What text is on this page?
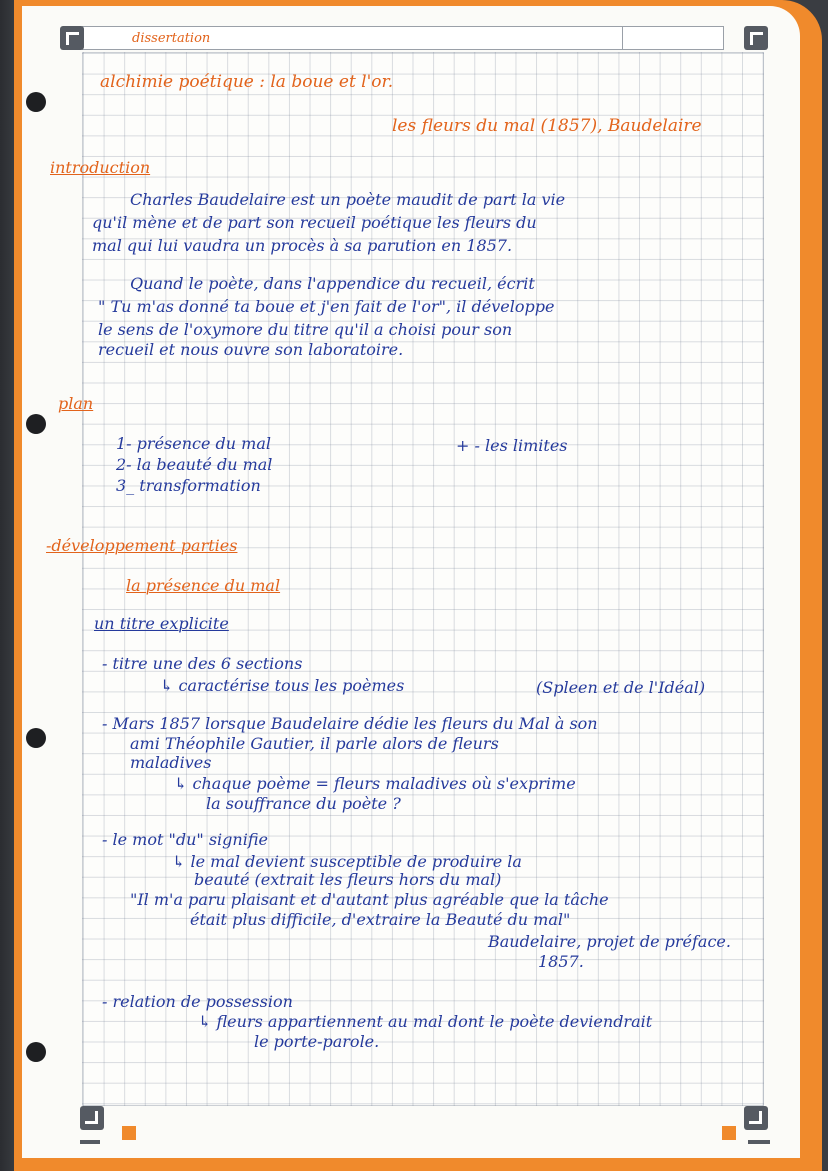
dissertation
alchimie poétique : la boue et l'or.
les fleurs du mal (1857), Baudelaire
introduction
Charles Baudelaire est un poète maudit de part la vie
qu'il mène et de part son recueil poétique les fleurs du
mal qui lui vaudra un procès à sa parution en 1857.
Quand le poète, dans l'appendice du recueil, écrit
" Tu m'as donné ta boue et j'en fait de l'or", il développe
le sens de l'oxymore du titre qu'il a choisi pour son
recueil et nous ouvre son laboratoire.
plan
1- présence du mal
2- la beauté du mal
3_ transformation
+ - les limites
-développement parties
la présence du mal
un titre explicite
- titre une des 6 sections
↳ caractérise tous les poèmes	(Spleen et de l'Idéal)
- Mars 1857 lorsque Baudelaire dédie les fleurs du Mal à son
ami Théophile Gautier, il parle alors de fleurs
maladives
↳ chaque poème = fleurs maladives où s'exprime
la souffrance du poète ?
- le mot "du" signifie
↳ le mal devient susceptible de produire la
beauté (extrait les fleurs hors du mal)
"Il m'a paru plaisant et d'autant plus agréable que la tâche
était plus difficile, d'extraire la Beauté du mal"
Baudelaire, projet de préface.
1857.
- relation de possession
↳ fleurs appartiennent au mal dont le poète deviendrait
le porte-parole.
